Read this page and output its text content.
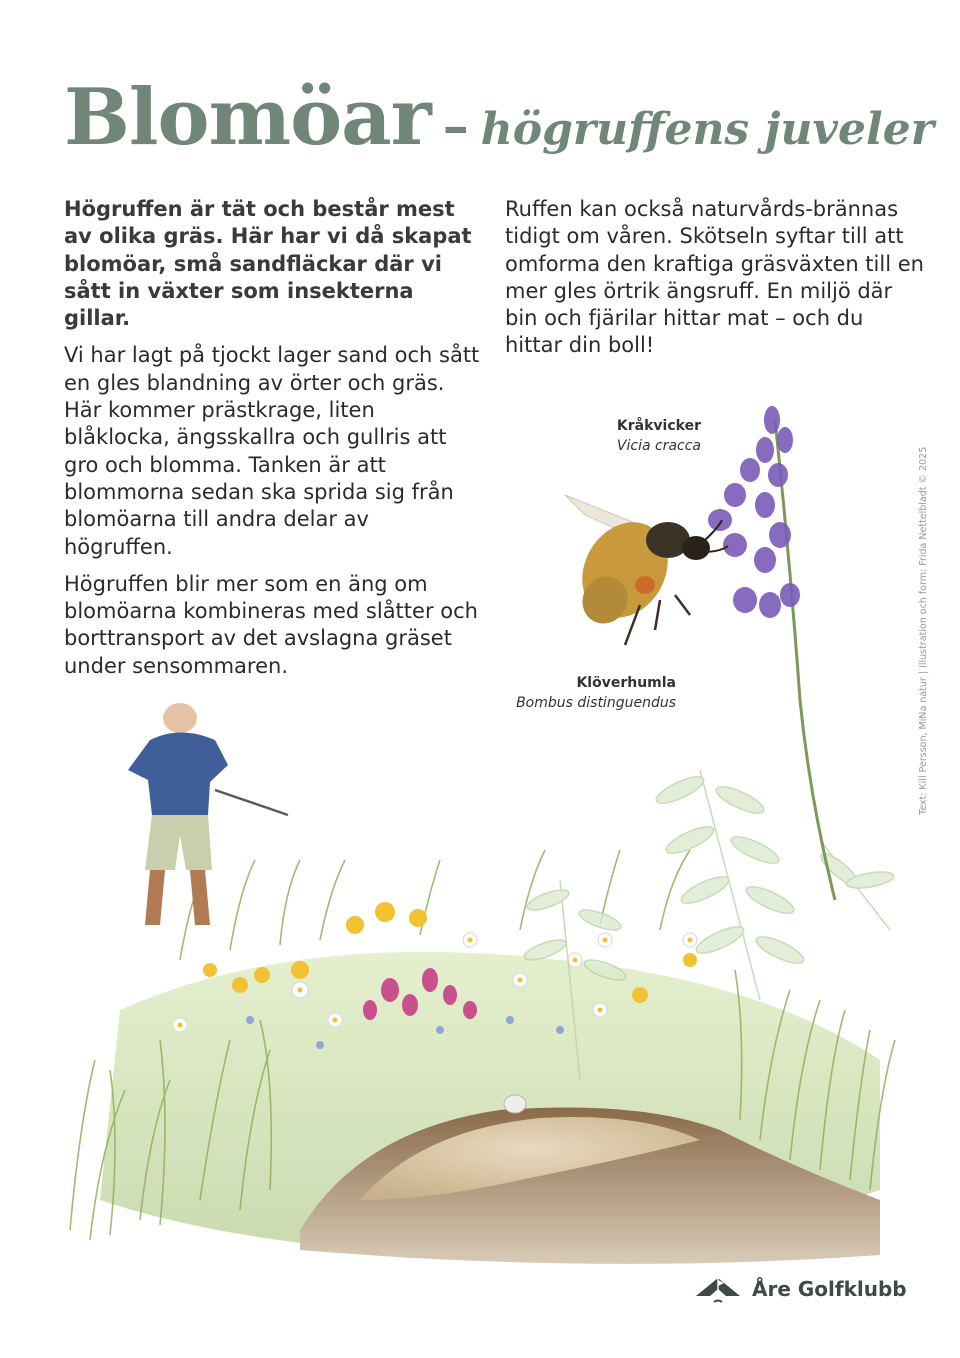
Blomöar – högruffens juveler

Högruffen är tät och består mest av olika gräs. Här har vi då skapat blomöar, små sandfläckar där vi sått in växter som insekterna gillar.

Vi har lagt på tjockt lager sand och sått en gles blandning av örter och gräs. Här kommer prästkrage, liten blåklocka, ängsskallra och gullris att gro och blomma. Tanken är att blommorna sedan ska sprida sig från blomöarna till andra delar av högruffen.

Högruffen blir mer som en äng om blomöarna kombineras med slåtter och borttransport av det avslagna gräset under sensommaren.

Ruffen kan också naturvårds-brännas tidigt om våren. Skötseln syftar till att omforma den kraftiga gräsväxten till en mer gles örtrik ängsruff. En miljö där bin och fjärilar hittar mat – och du hittar din boll!

Kråkvicker
Vicia cracca
Klöverhumla
Bombus distinguendus	Text: Kill Persson, MiNa natur | Illustration och form: Frida Nettelbladt © 2025
Åre Golfklubb
